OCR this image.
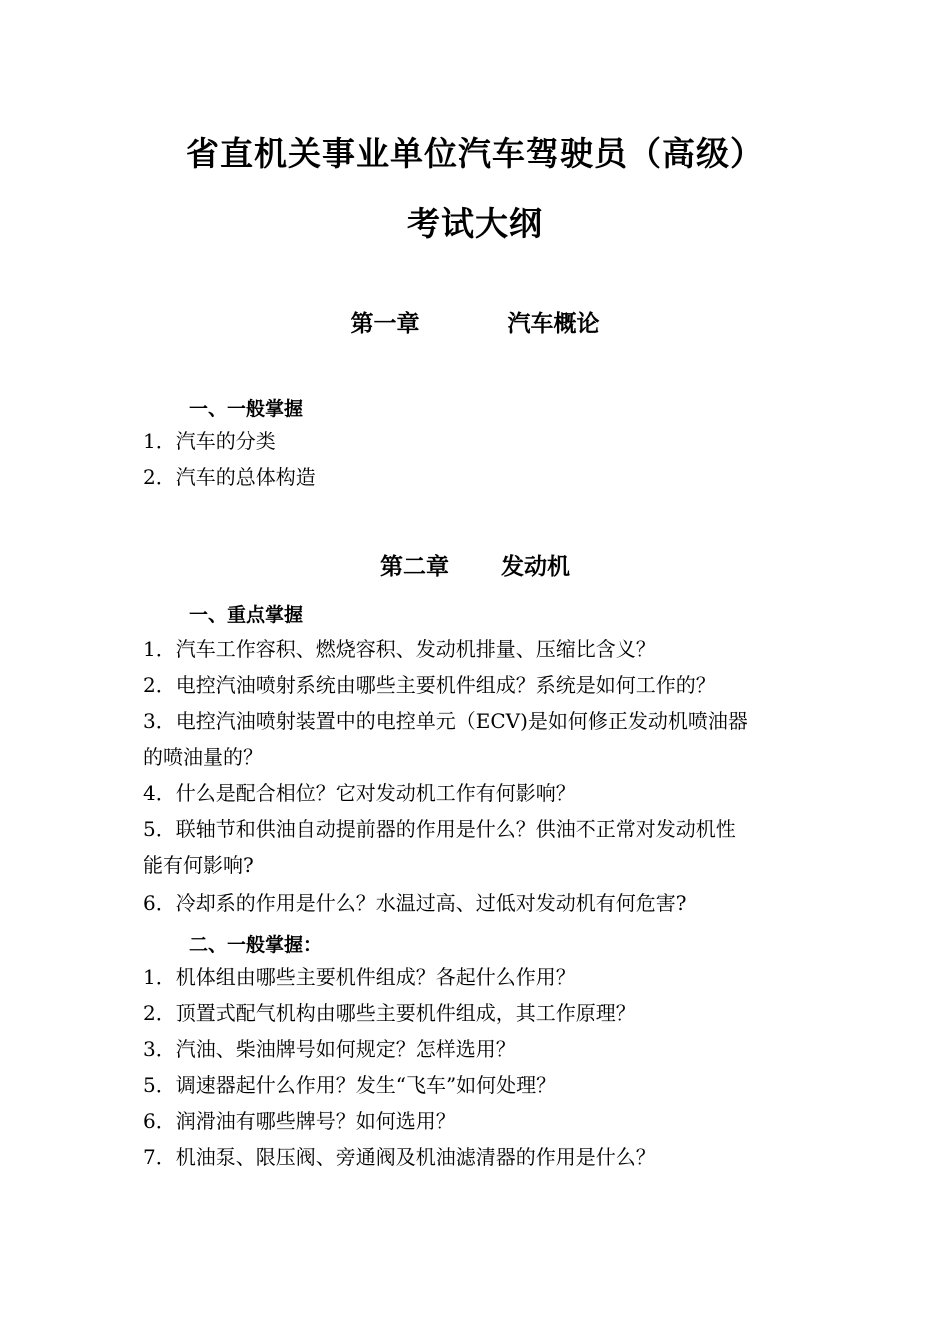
省直机关事业单位汽车驾驶员（高级）
考试大纲
第一章	汽车概论
一、一般掌握
1．汽车的分类
2．汽车的总体构造
第二章 发动机
一、重点掌握
1．汽车工作容积、燃烧容积、发动机排量、压缩比含义？
2．电控汽油喷射系统由哪些主要机件组成？系统是如何工作的？
3．电控汽油喷射装置中的电控单元（ECV)是如何修正发动机喷油器
的喷油量的？
4．什么是配合相位？它对发动机工作有何影响？
5．联轴节和供油自动提前器的作用是什么？供油不正常对发动机性
能有何影响?
6．冷却系的作用是什么？水温过高、过低对发动机有何危害?
二、一般掌握：
1．机体组由哪些主要机件组成？各起什么作用？
2．顶置式配气机构由哪些主要机件组成，其工作原理？
3．汽油、柴油牌号如何规定？怎样选用？
5．调速器起什么作用？发生“飞车”如何处理？
6．润滑油有哪些牌号？如何选用？
7．机油泵、限压阀、旁通阀及机油滤清器的作用是什么？
